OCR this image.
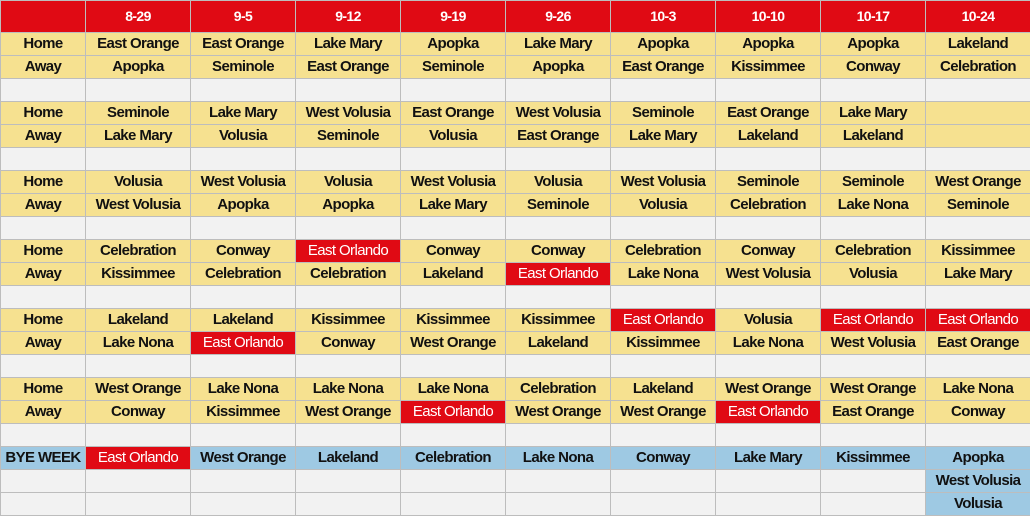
	8-29	9-5	9-12	9-19	9-26	10-3	10-10	10-17	10-24
Home	East Orange	East Orange	Lake Mary	Apopka	Lake Mary	Apopka	Apopka	Apopka	Lakeland
Away	Apopka	Seminole	East Orange	Seminole	Apopka	East Orange	Kissimmee	Conway	Celebration

Home	Seminole	Lake Mary	West Volusia	East Orange	West Volusia	Seminole	East Orange	Lake Mary	
Away	Lake Mary	Volusia	Seminole	Volusia	East Orange	Lake Mary	Lakeland	Lakeland	

Home	Volusia	West Volusia	Volusia	West Volusia	Volusia	West Volusia	Seminole	Seminole	West Orange
Away	West Volusia	Apopka	Apopka	Lake Mary	Seminole	Volusia	Celebration	Lake Nona	Seminole

Home	Celebration	Conway	East Orlando	Conway	Conway	Celebration	Conway	Celebration	Kissimmee
Away	Kissimmee	Celebration	Celebration	Lakeland	East Orlando	Lake Nona	West Volusia	Volusia	Lake Mary

Home	Lakeland	Lakeland	Kissimmee	Kissimmee	Kissimmee	East Orlando	Volusia	East Orlando	East Orlando
Away	Lake Nona	East Orlando	Conway	West Orange	Lakeland	Kissimmee	Lake Nona	West Volusia	East Orange

Home	West Orange	Lake Nona	Lake Nona	Lake Nona	Celebration	Lakeland	West Orange	West Orange	Lake Nona
Away	Conway	Kissimmee	West Orange	East Orlando	West Orange	West Orange	East Orlando	East Orange	Conway

BYE WEEK	East Orlando	West Orange	Lakeland	Celebration	Lake Nona	Conway	Lake Mary	Kissimmee	Apopka
									West Volusia
									Volusia
